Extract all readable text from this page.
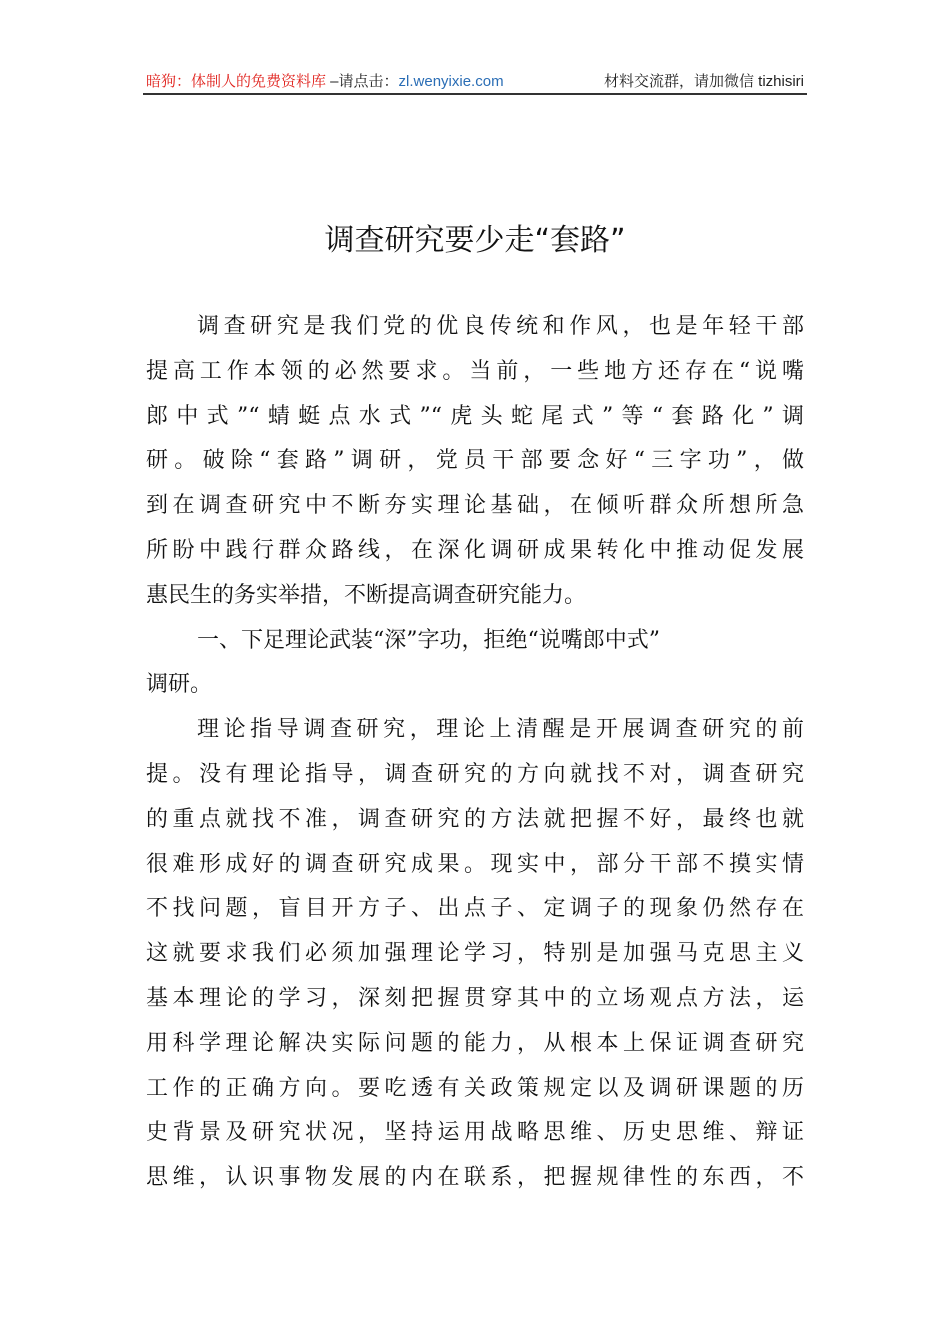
暗狗：体制人的免费资料库 –请点击：zl.wenyixie.com	材料交流群，请加微信 tizhisiri
调查研究要少走“套路”
调查研究是我们党的优良传统和作风，也是年轻干部
提高工作本领的必然要求。当前，一些地方还存在“说嘴
郎中式”“蜻蜓点水式”“虎头蛇尾式”等“套路化”调
研。破除“套路”调研，党员干部要念好“三字功”，做
到在调查研究中不断夯实理论基础，在倾听群众所想所急
所盼中践行群众路线，在深化调研成果转化中推动促发展
惠民生的务实举措，不断提高调查研究能力。
一、下足理论武装“深”字功，拒绝“说嘴郎中式”
调研。
理论指导调查研究，理论上清醒是开展调查研究的前
提。没有理论指导，调查研究的方向就找不对，调查研究
的重点就找不准，调查研究的方法就把握不好，最终也就
很难形成好的调查研究成果。现实中，部分干部不摸实情
不找问题，盲目开方子、出点子、定调子的现象仍然存在
这就要求我们必须加强理论学习，特别是加强马克思主义
基本理论的学习，深刻把握贯穿其中的立场观点方法，运
用科学理论解决实际问题的能力，从根本上保证调查研究
工作的正确方向。要吃透有关政策规定以及调研课题的历
史背景及研究状况，坚持运用战略思维、历史思维、辩证
思维，认识事物发展的内在联系，把握规律性的东西，不
